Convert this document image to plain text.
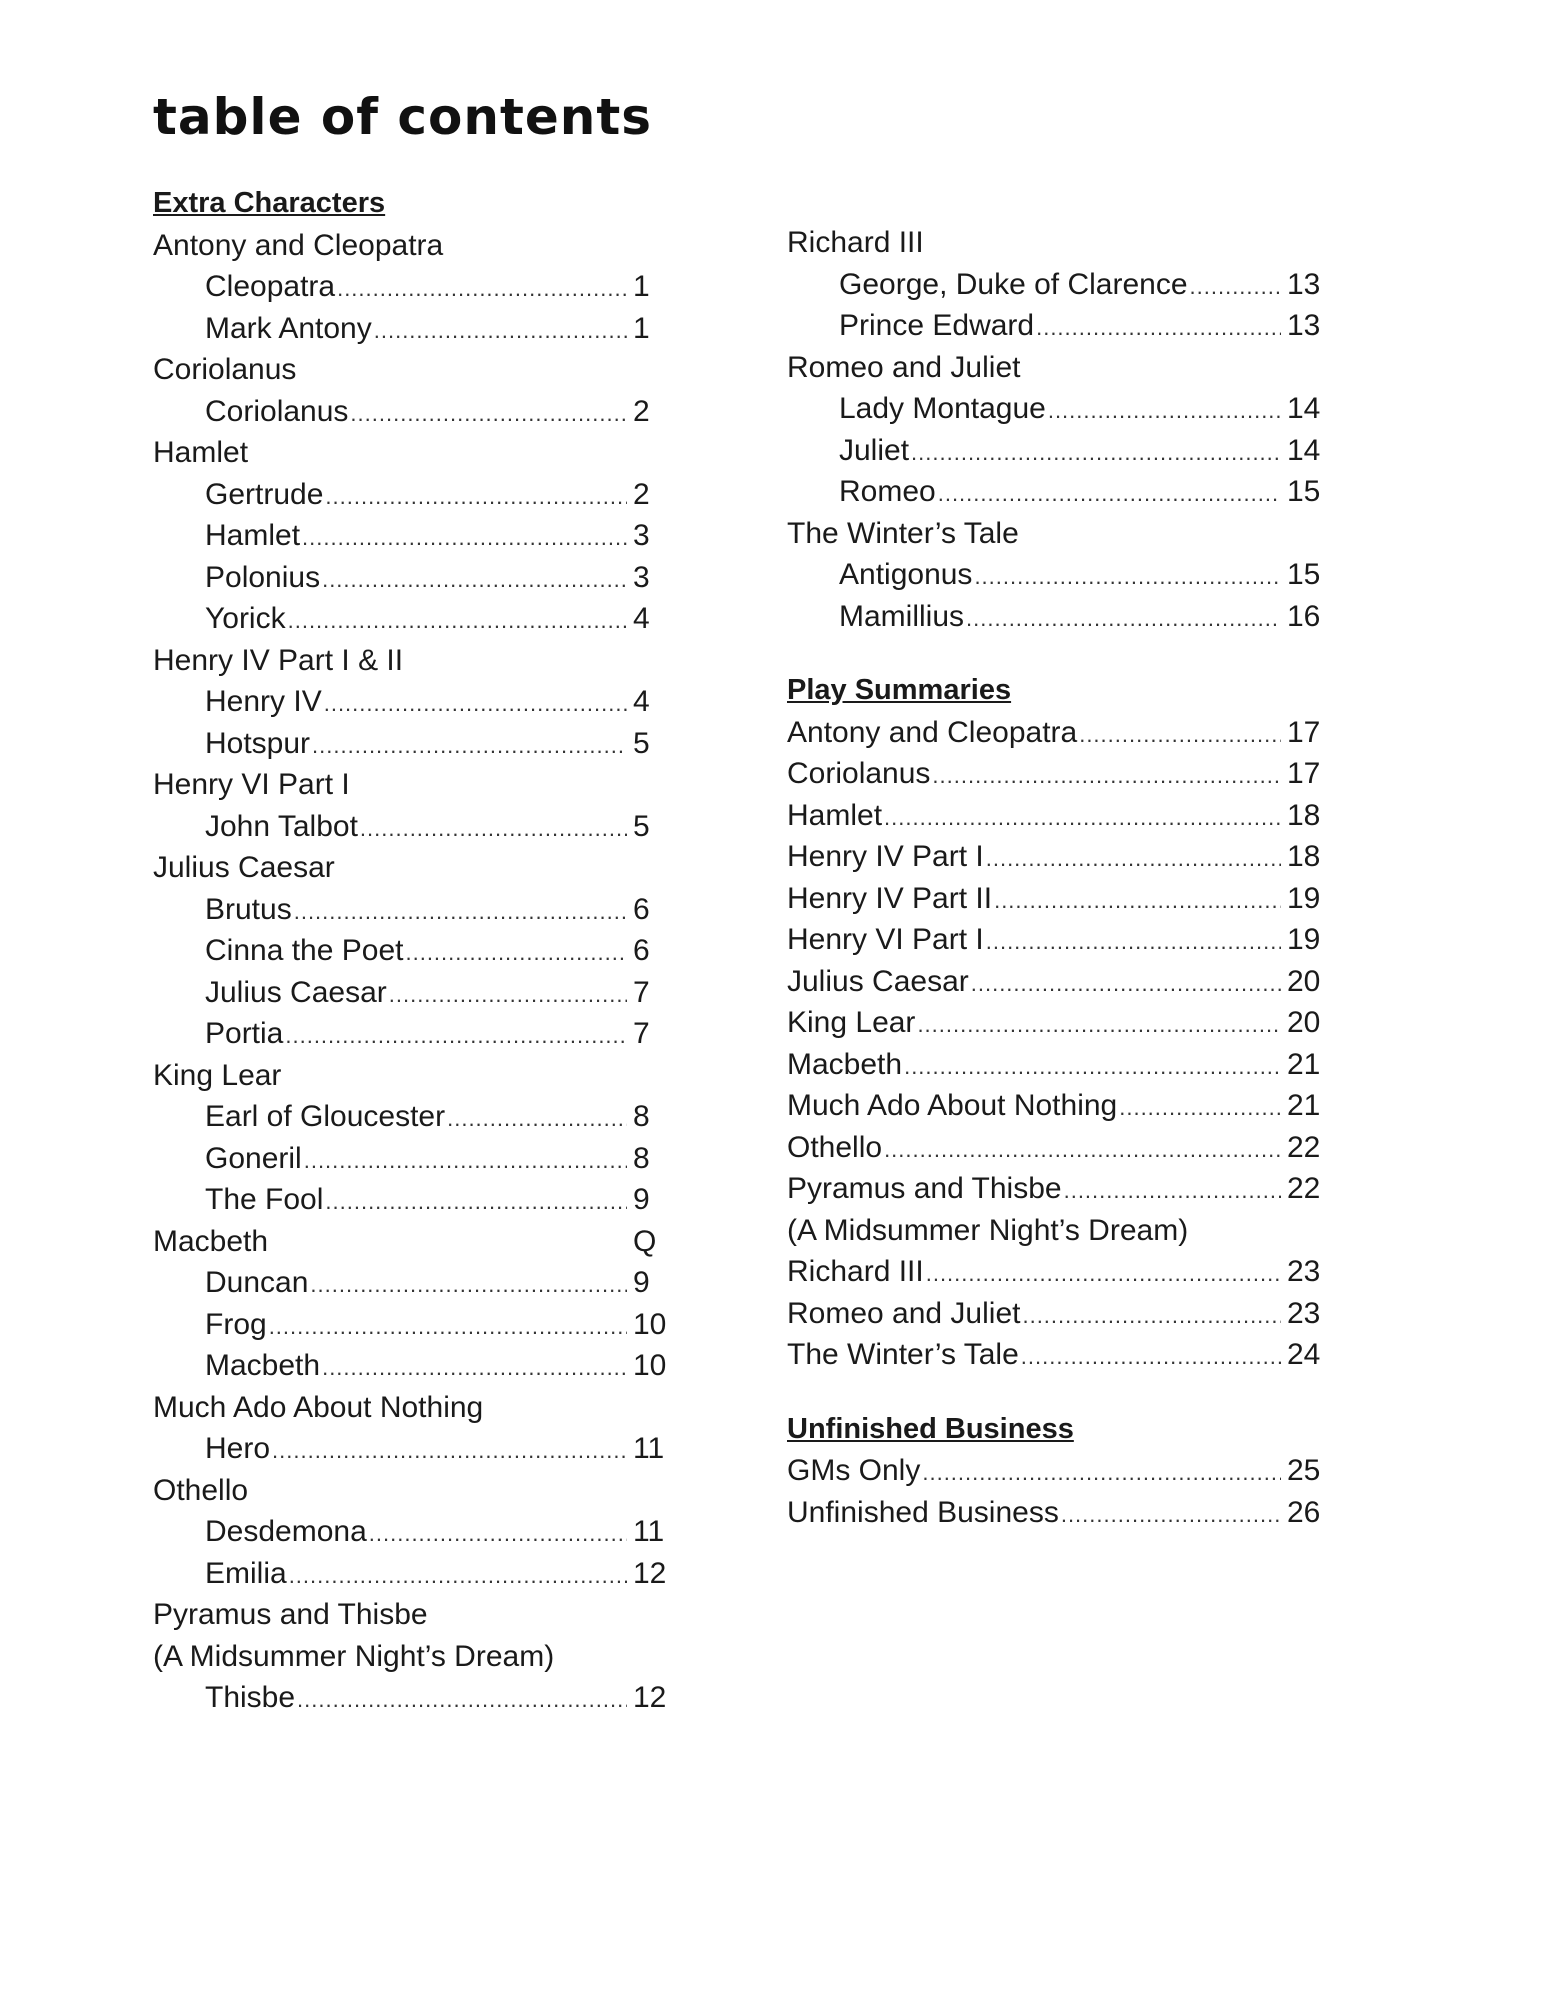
table of contents
Extra Characters
Antony and Cleopatra
Cleopatra .....	1
Mark Antony .....	1
Coriolanus
Coriolanus .....	2
Hamlet
Gertrude .....	2
Hamlet .....	3
Polonius .....	3
Yorick .....	4
Henry IV Part I & II
Henry IV .....	4
Hotspur .....	5
Henry VI Part I
John Talbot .....	5
Julius Caesar
Brutus .....	6
Cinna the Poet .....	6
Julius Caesar .....	7
Portia .....	7
King Lear
Earl of Gloucester .....	8
Goneril .....	8
The Fool .....	9
Macbeth	Q
Duncan .....	9
Frog .....	10
Macbeth .....	10
Much Ado About Nothing
Hero .....	11
Othello
Desdemona .....	11
Emilia .....	12
Pyramus and Thisbe
(A Midsummer Night’s Dream)
Thisbe .....	12
Richard III
George, Duke of Clarence .....	13
Prince Edward .....	13
Romeo and Juliet
Lady Montague .....	14
Juliet .....	14
Romeo .....	15
The Winter’s Tale
Antigonus .....	15
Mamillius .....	16
Play Summaries
Antony and Cleopatra .....	17
Coriolanus .....	17
Hamlet .....	18
Henry IV Part I .....	18
Henry IV Part II .....	19
Henry VI Part I .....	19
Julius Caesar .....	20
King Lear .....	20
Macbeth .....	21
Much Ado About Nothing .....	21
Othello .....	22
Pyramus and Thisbe .....	22
(A Midsummer Night’s Dream)
Richard III .....	23
Romeo and Juliet .....	23
The Winter’s Tale .....	24
Unfinished Business
GMs Only .....	25
Unfinished Business .....	26
